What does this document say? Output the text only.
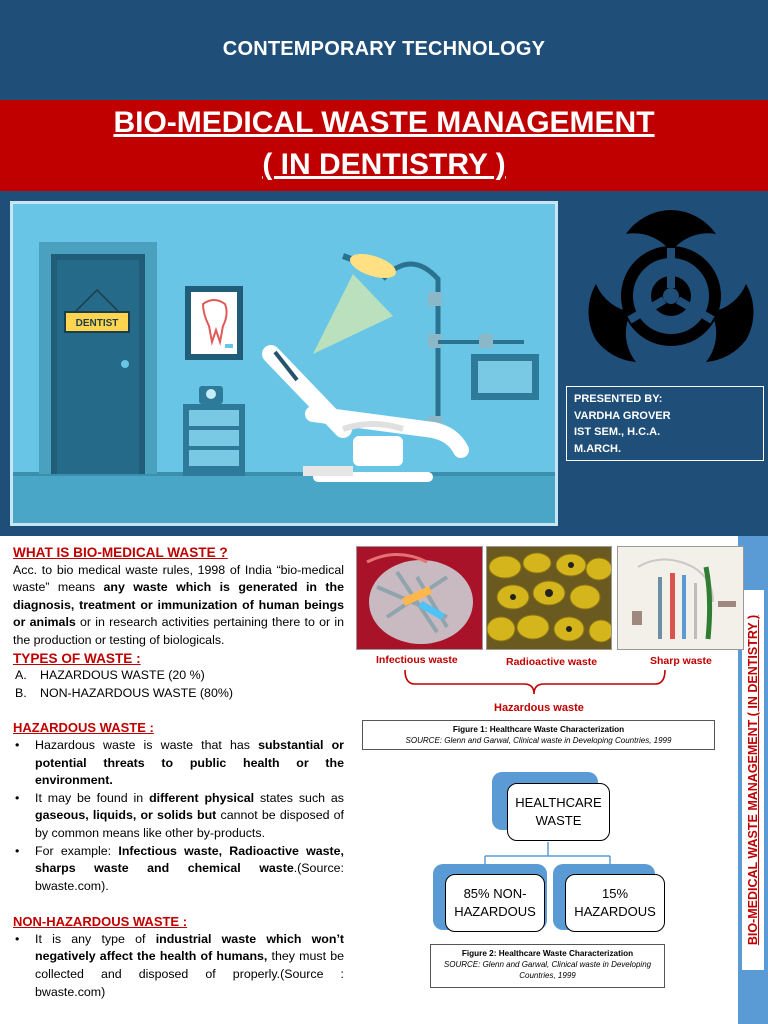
CONTEMPORARY TECHNOLOGY
BIO-MEDICAL WASTE MANAGEMENT
( IN DENTISTRY )
DENTIST
PRESENTED BY:
VARDHA GROVER
IST SEM., H.C.A.
M.ARCH.
BIO-MEDICAL WASTE MANAGEMENT ( IN DENTISTRY )
WHAT IS BIO-MEDICAL WASTE ?
Acc. to bio medical waste rules, 1998 of India “bio-medical waste” means any waste which is generated in the diagnosis, treatment or immunization of human beings or animals or in research activities pertaining there to or in the production or testing of biologicals.
TYPES OF WASTE :
A. HAZARDOUS WASTE (20 %)
B. NON-HAZARDOUS WASTE (80%)
HAZARDOUS WASTE :
• Hazardous waste is waste that has substantial or potential threats to public health or the environment.
• It may be found in different physical states such as gaseous, liquids, or solids but cannot be disposed of by common means like other by-products.
• For example: Infectious waste, Radioactive waste, sharps waste and chemical waste.(Source: bwaste.com).
NON-HAZARDOUS WASTE :
• It is any type of industrial waste which won’t negatively affect the health of humans, they must be collected and disposed of properly.(Source : bwaste.com)
Infectious waste	Radioactive waste	Sharp waste
Hazardous waste
Figure 1: Healthcare Waste Characterization
SOURCE: Glenn and Garwal, Clinical waste in Developing Countries, 1999
HEALTHCARE WASTE
85% NON-HAZARDOUS
15% HAZARDOUS
Figure 2: Healthcare Waste Characterization
SOURCE: Glenn and Garwal, Clinical waste in Developing Countries, 1999
